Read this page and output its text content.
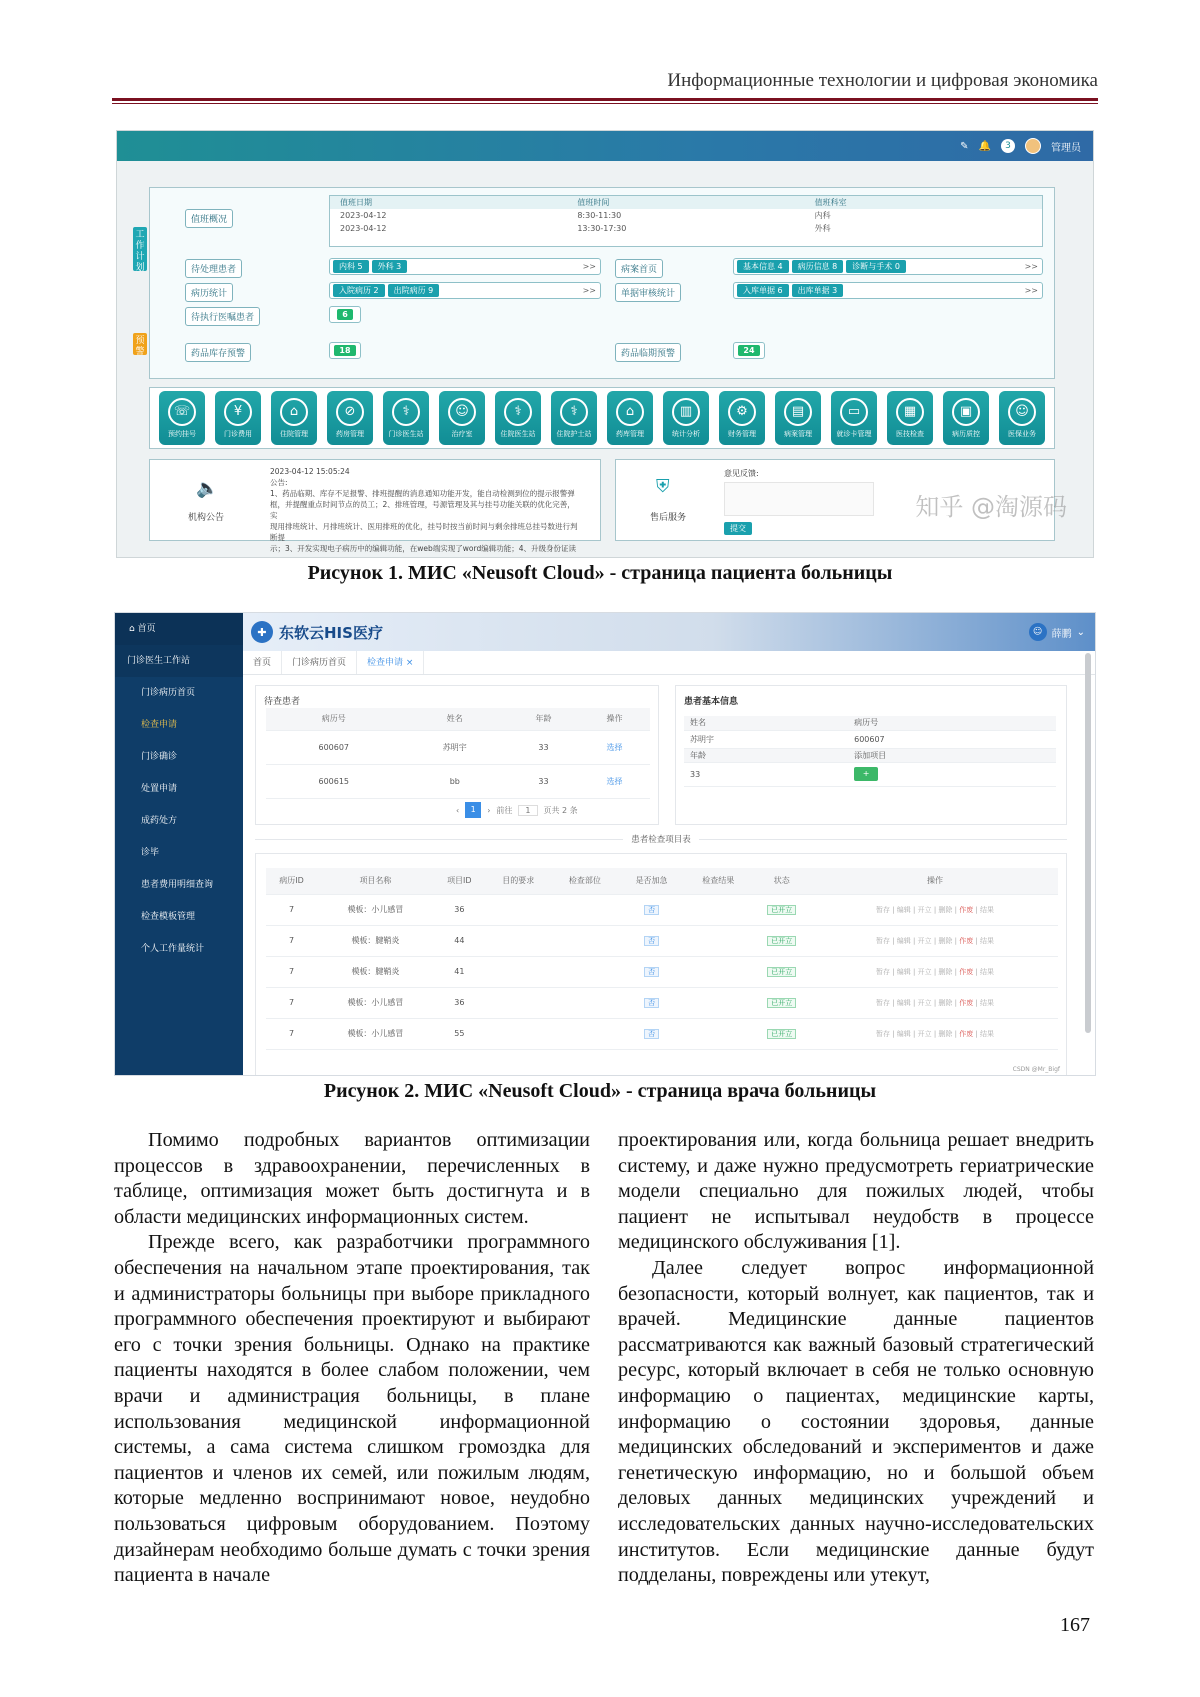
Информационные технологии и цифровая экономика
✎ 🔔	3	管理员
工作计划
预警
值班概况
值班日期	值班时间	值班科室
2023-04-12	8:30-11:30	内科
2023-04-12	13:30-17:30	外科
待处理患者	内科 5	外科 3	>>	病案首页	基本信息 4	病历信息 8	诊断与手术 0	>>
病历统计	入院病历 2	出院病历 9	>>	单据审核统计	入库单据 6	出库单据 3	>>
待执行医嘱患者	6
药品库存预警	18	药品临期预警	24
☏
预约挂号
¥
门诊费用
⌂
住院管理
⊘
药房管理
⚕
门诊医生站
☺
治疗室
⚕
住院医生站
⚕
住院护士站
⌂
药库管理
▥
统计分析
⚙
财务管理
▤
病案管理
▭
就诊卡管理
▦
医技检查
▣
病历质控
☺
医保业务
🔈
机构公告
2023-04-12 15:05:24
公告:
1、药品临期、库存不足报警、排班提醒的消息通知功能开发，能自动检测到位的提示报警弹
框，并提醒重点时间节点的员工；2、排班管理，号源管理及其与挂号功能关联的优化完善，实
现用排班统计、月排班统计、医用排班的优化，挂号时按当前时间与剩余排班总挂号数进行判断提
示；3、开发实现电子病历中的编辑功能，在web端实现了word编辑功能；4、升级身份证读
⛨
售后服务
意见反馈:
提交
知乎 @淘源码
Рисунок 1. МИС «Neusoft Cloud» - страница пациента больницы
⌂ 首页
门诊医生工作站
门诊病历首页
检查申请
门诊确诊
处置申请
成药处方
诊毕
患者费用明细查询
检查模板管理
个人工作量统计
✚ 东软云HIS医疗	☺ 薛鹏 ⌄
首页	门诊病历首页	检查申请 ×
待查患者
病历号	姓名	年龄	操作
600607	苏明宇	33	选择
600615	bb	33	选择
‹	1	› 前往	1	页共 2 条
患者基本信息
姓名	病历号
苏明宇	600607
年龄	添加项目
33	+
患者检查项目表
病历ID	项目名称	项目ID	目的要求	检查部位	是否加急	检查结果	状态	操作
7	模板：小儿感冒	36			否		已开立	暂存 | 编辑 | 开立 | 删除 | 作废 | 结果
7	模板：腱鞘炎	44			否		已开立	暂存 | 编辑 | 开立 | 删除 | 作废 | 结果
7	模板：腱鞘炎	41			否		已开立	暂存 | 编辑 | 开立 | 删除 | 作废 | 结果
7	模板：小儿感冒	36			否		已开立	暂存 | 编辑 | 开立 | 删除 | 作废 | 结果
7	模板：小儿感冒	55			否		已开立	暂存 | 编辑 | 开立 | 删除 | 作废 | 结果
CSDN @Mr_Bigf
Рисунок 2. МИС «Neusoft Cloud» - страница врача больницы

Помимо подробных вариантов оптимизации процессов в здравоохранении, перечисленных в таблице, оптимизация может быть достигнута и в области медицинских информационных систем.

Прежде всего, как разработчики программного обеспечения на начальном этапе проектирования, так и администраторы больницы при выборе прикладного программного обеспечения проектируют и выбирают его с точки зрения больницы. Однако на практике пациенты находятся в более слабом положении, чем врачи и администрация больницы, в плане использования медицинской информационной системы, а сама система слишком громоздка для пациентов и членов их семей, или пожилым людям, которые медленно воспринимают новое, неудобно пользоваться цифровым оборудованием. Поэтому дизайнерам необходимо больше думать с точки зрения пациента в начале

проектирования или, когда больница решает внедрить систему, и даже нужно предусмотреть гериатрические модели специально для пожилых людей, чтобы пациент не испытывал неудобств в процессе медицинского обслуживания [1].

Далее следует вопрос информационной безопасности, который волнует, как пациентов, так и врачей. Медицинские данные пациентов рассматриваются как важный базовый стратегический ресурс, который включает в себя не только основную информацию о пациентах, медицинские карты, информацию о состоянии здоровья, данные медицинских обследований и экспериментов и даже генетическую информацию, но и большой объем деловых данных медицинских учреждений и исследовательских данных научно-исследовательских институтов. Если медицинские данные будут подделаны, повреждены или утекут,

167
